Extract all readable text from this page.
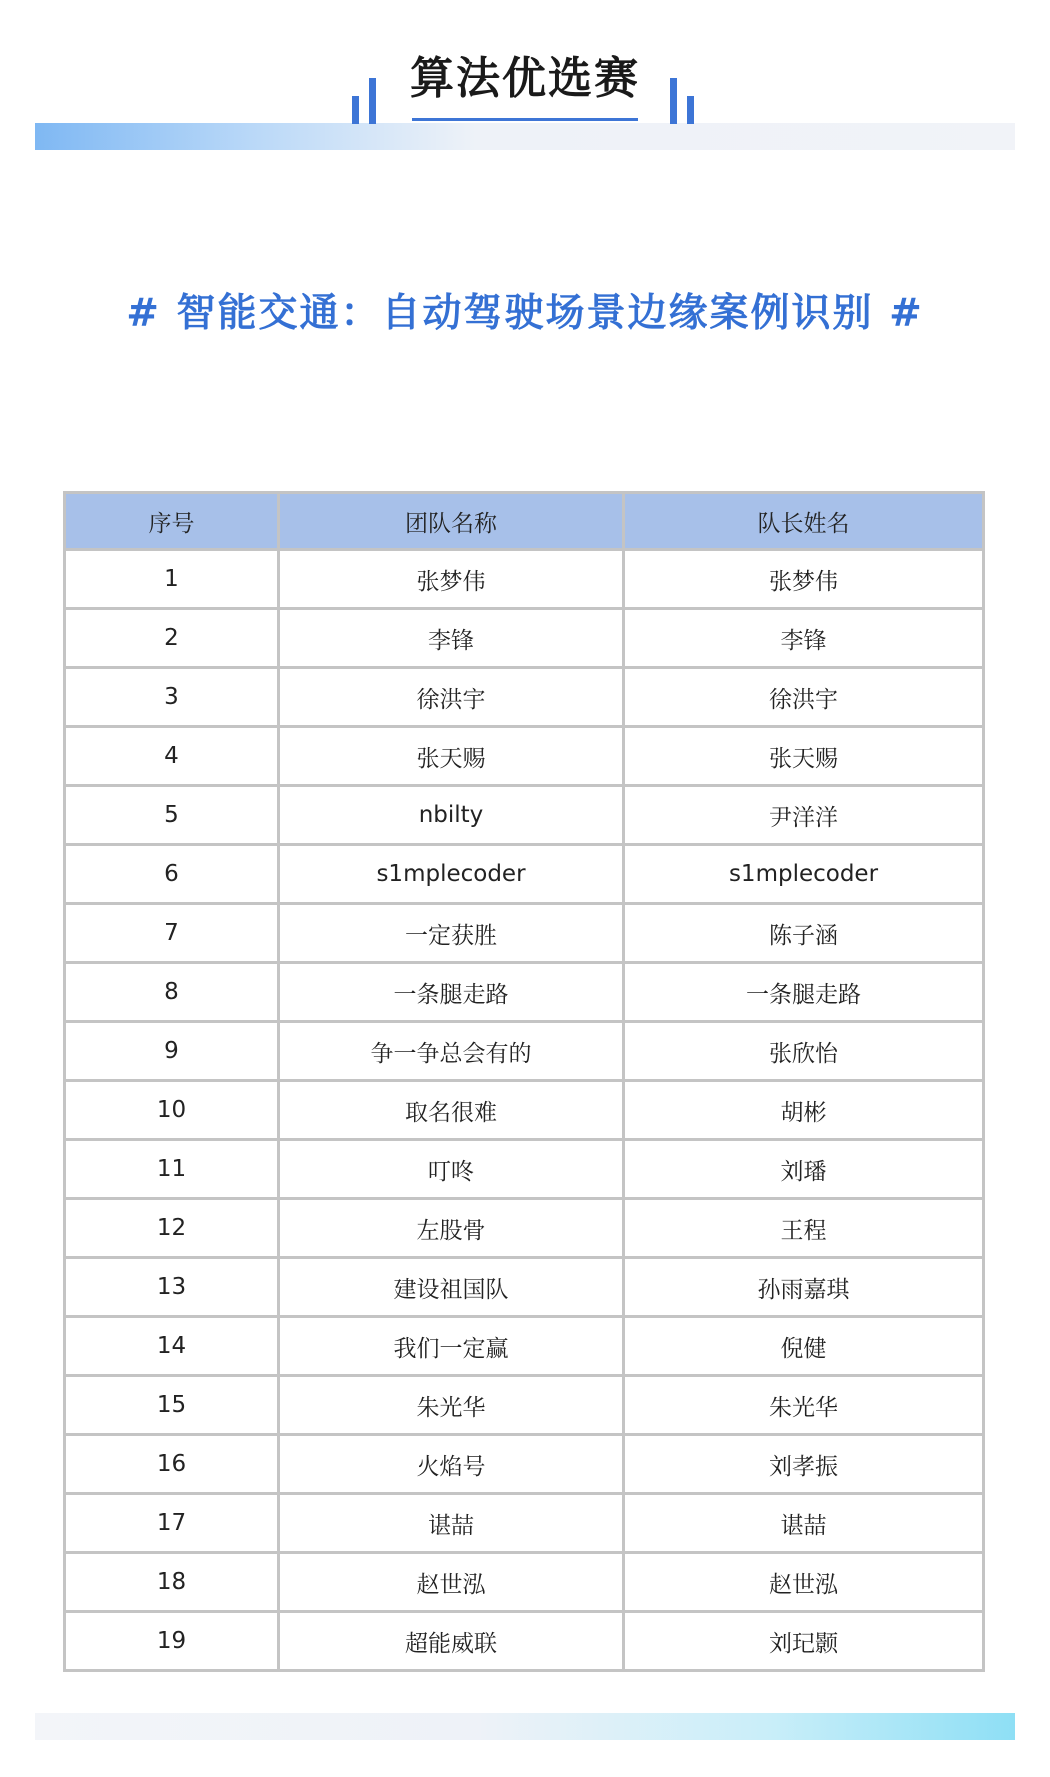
算法优选赛
# 智能交通：自动驾驶场景边缘案例识别 #
序号	团队名称	队长姓名
1	张梦伟	张梦伟
2	李锋	李锋
3	徐洪宇	徐洪宇
4	张天赐	张天赐
5	nbilty	尹洋洋
6	s1mplecoder	s1mplecoder
7	一定获胜	陈子涵
8	一条腿走路	一条腿走路
9	争一争总会有的	张欣怡
10	取名很难	胡彬
11	叮咚	刘璠
12	左股骨	王程
13	建设祖国队	孙雨嘉琪
14	我们一定赢	倪健
15	朱光华	朱光华
16	火焰号	刘孝振
17	谌喆	谌喆
18	赵世泓	赵世泓
19	超能威联	刘玘颢
